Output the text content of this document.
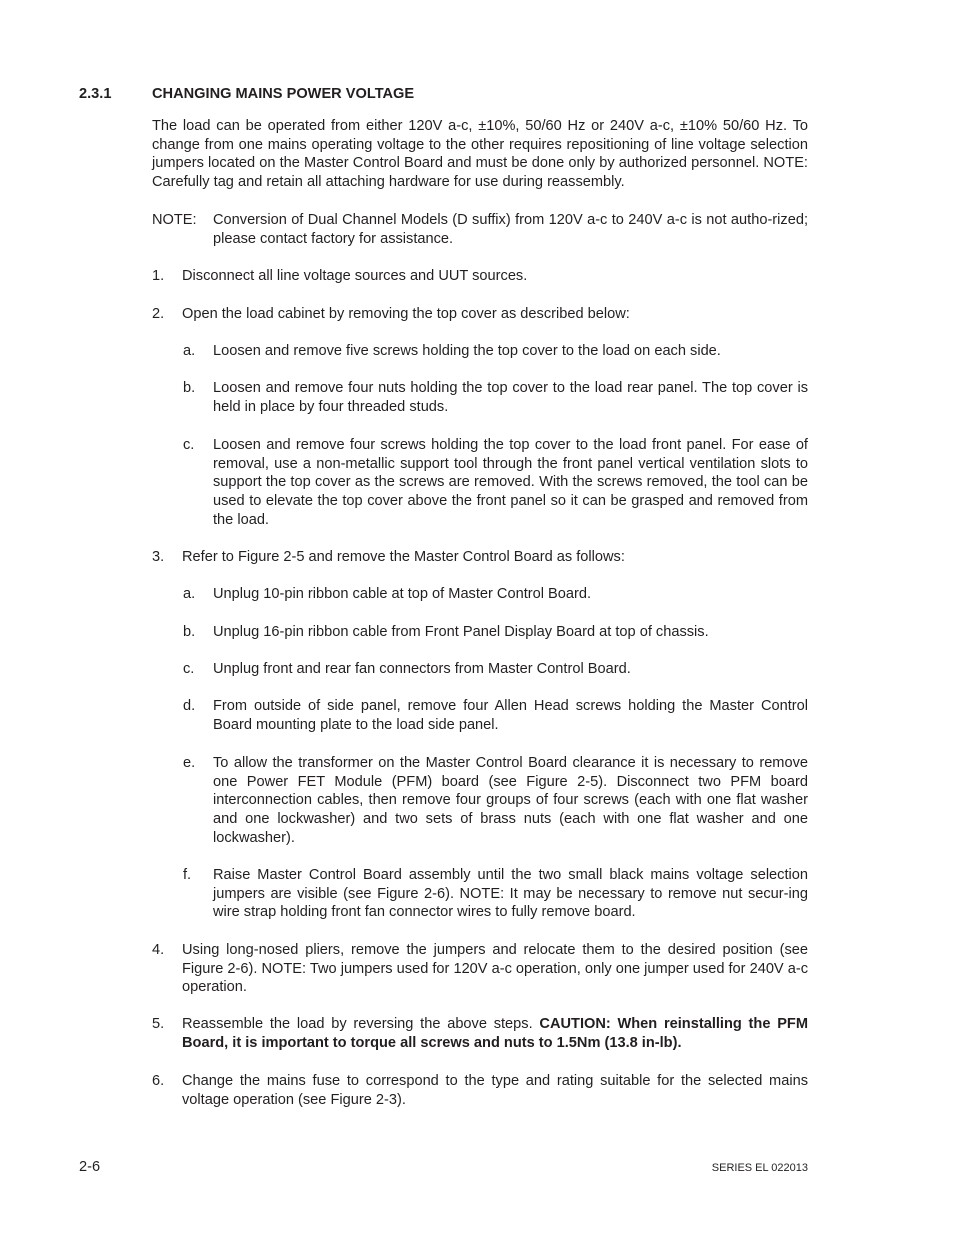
2.3.1	CHANGING MAINS POWER VOLTAGE
The load can be operated from either 120V a-c, ±10%, 50/60 Hz or 240V a-c, ±10% 50/60 Hz. To change from one mains operating voltage to the other requires repositioning of line voltage selection jumpers located on the Master Control Board and must be done only by authorized personnel. NOTE: Carefully tag and retain all attaching hardware for use during reassembly.
NOTE: Conversion of Dual Channel Models (D suffix) from 120V a-c to 240V a-c is not autho-rized; please contact factory for assistance.
1. Disconnect all line voltage sources and UUT sources.
2. Open the load cabinet by removing the top cover as described below:
a. Loosen and remove five screws holding the top cover to the load on each side.
b. Loosen and remove four nuts holding the top cover to the load rear panel. The top cover is held in place by four threaded studs.
c. Loosen and remove four screws holding the top cover to the load front panel. For ease of removal, use a non-metallic support tool through the front panel vertical ventilation slots to support the top cover as the screws are removed. With the screws removed, the tool can be used to elevate the top cover above the front panel so it can be grasped and removed from the load.
3. Refer to Figure 2-5 and remove the Master Control Board as follows:
a. Unplug 10-pin ribbon cable at top of Master Control Board.
b. Unplug 16-pin ribbon cable from Front Panel Display Board at top of chassis.
c. Unplug front and rear fan connectors from Master Control Board.
d. From outside of side panel, remove four Allen Head screws holding the Master Control Board mounting plate to the load side panel.
e. To allow the transformer on the Master Control Board clearance it is necessary to remove one Power FET Module (PFM) board (see Figure 2-5). Disconnect two PFM board interconnection cables, then remove four groups of four screws (each with one flat washer and one lockwasher) and two sets of brass nuts (each with one flat washer and one lockwasher).
f. Raise Master Control Board assembly until the two small black mains voltage selection jumpers are visible (see Figure 2-6). NOTE: It may be necessary to remove nut secur-ing wire strap holding front fan connector wires to fully remove board.
4. Using long-nosed pliers, remove the jumpers and relocate them to the desired position (see Figure 2-6). NOTE: Two jumpers used for 120V a-c operation, only one jumper used for 240V a-c operation.
5. Reassemble the load by reversing the above steps. CAUTION: When reinstalling the PFM Board, it is important to torque all screws and nuts to 1.5Nm (13.8 in-lb).
6. Change the mains fuse to correspond to the type and rating suitable for the selected mains voltage operation (see Figure 2-3).
2-6	SERIES EL 022013
